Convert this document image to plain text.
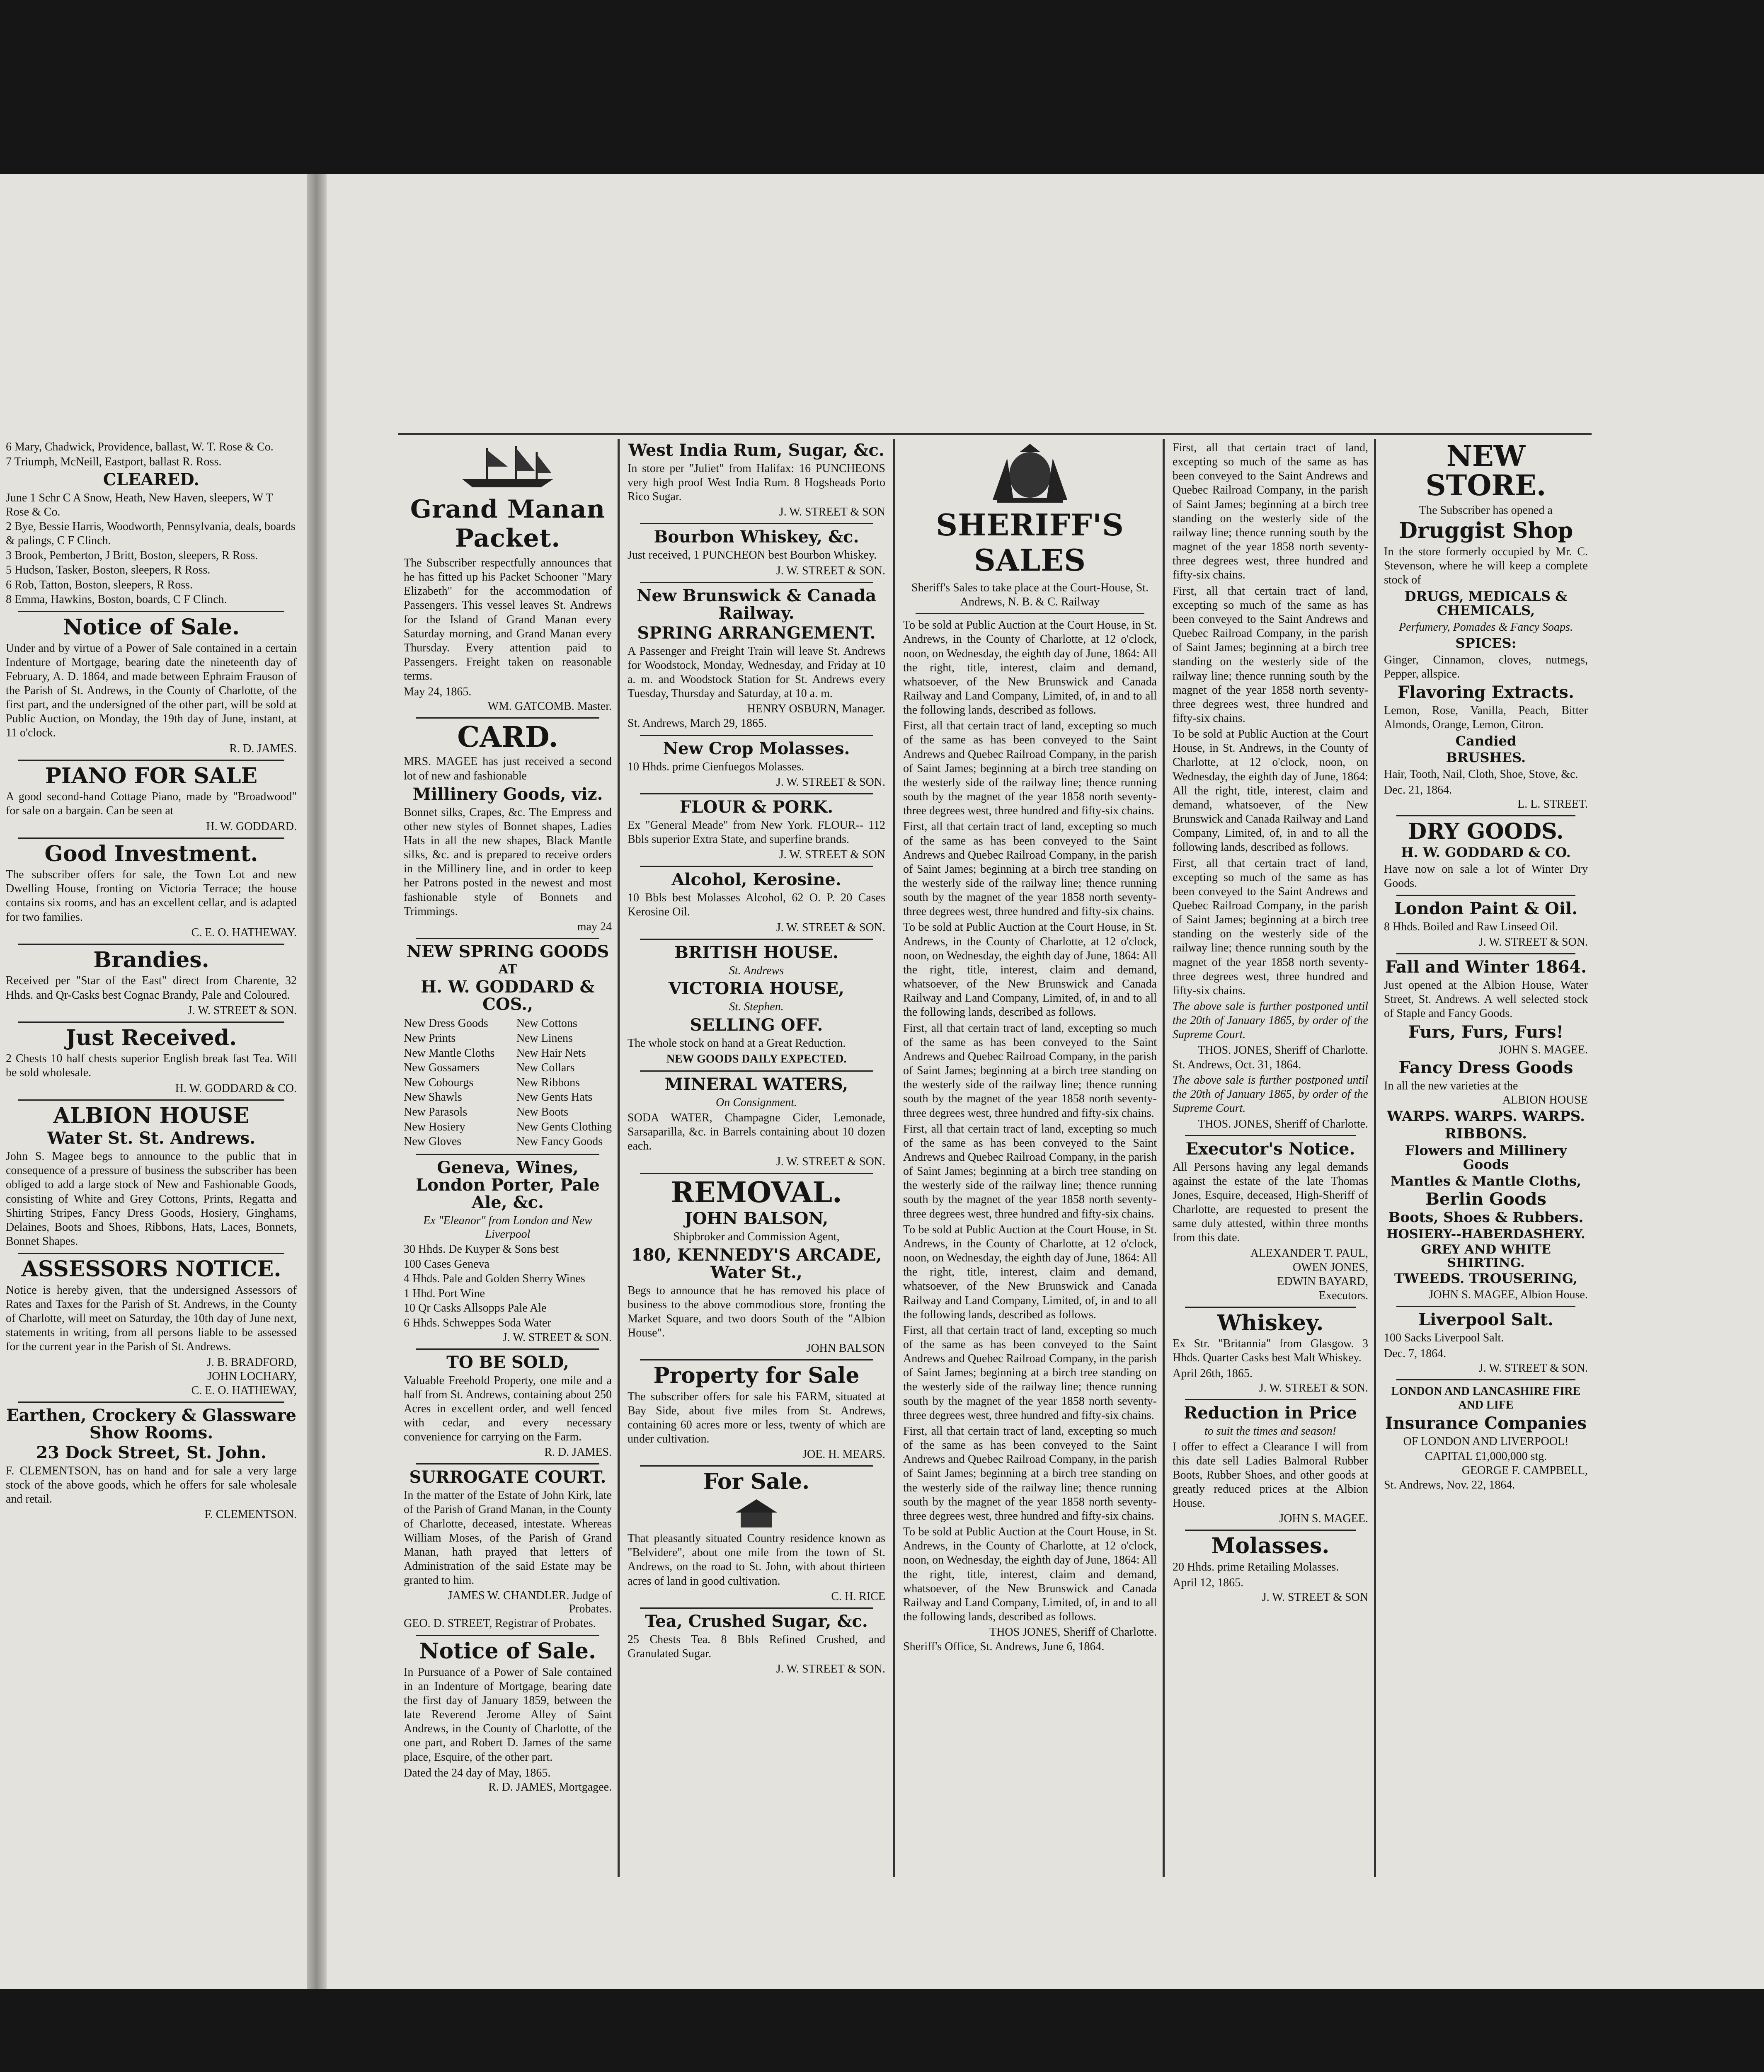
6 Mary, Chadwick, Providence, ballast, W. T. Rose & Co.

7 Triumph, McNeill, Eastport, ballast R. Ross.

CLEARED.

June 1 Schr C A Snow, Heath, New Haven, sleepers, W T Rose & Co.

2 Bye, Bessie Harris, Woodworth, Pennsylvania, deals, boards & palings, C F Clinch.

3 Brook, Pemberton, J Britt, Boston, sleepers, R Ross.

5 Hudson, Tasker, Boston, sleepers, R Ross.

6 Rob, Tatton, Boston, sleepers, R Ross.

8 Emma, Hawkins, Boston, boards, C F Clinch.

Notice of Sale.

Under and by virtue of a Power of Sale contained in a certain Indenture of Mortgage, bearing date the nineteenth day of February, A. D. 1864, and made between Ephraim Frauson of the Parish of St. Andrews, in the County of Charlotte, of the first part, and the undersigned of the other part, will be sold at Public Auction, on Monday, the 19th day of June, instant, at 11 o'clock.

R. D. JAMES.

PIANO FOR SALE

A good second-hand Cottage Piano, made by "Broadwood" for sale on a bargain. Can be seen at

H. W. GODDARD.

Good Investment.

The subscriber offers for sale, the Town Lot and new Dwelling House, fronting on Victoria Terrace; the house contains six rooms, and has an excellent cellar, and is adapted for two families.

C. E. O. HATHEWAY.

Brandies.

Received per "Star of the East" direct from Charente, 32 Hhds. and Qr-Casks best Cognac Brandy, Pale and Coloured.

J. W. STREET & SON.

Just Received.

2 Chests 10 half chests superior English break fast Tea. Will be sold wholesale.

H. W. GODDARD & CO.

ALBION HOUSE
Water St. St. Andrews.

John S. Magee begs to announce to the public that in consequence of a pressure of business the subscriber has been obliged to add a large stock of New and Fashionable Goods, consisting of White and Grey Cottons, Prints, Regatta and Shirting Stripes, Fancy Dress Goods, Hosiery, Ginghams, Delaines, Boots and Shoes, Ribbons, Hats, Laces, Bonnets, Bonnet Shapes.

ASSESSORS NOTICE.

Notice is hereby given, that the undersigned Assessors of Rates and Taxes for the Parish of St. Andrews, in the County of Charlotte, will meet on Saturday, the 10th day of June next, statements in writing, from all persons liable to be assessed for the current year in the Parish of St. Andrews.

J. B. BRADFORD,

JOHN LOCHARY,

C. E. O. HATHEWAY,

Earthen, Crockery & Glassware Show Rooms.
23 Dock Street, St. John.

F. CLEMENTSON, has on hand and for sale a very large stock of the above goods, which he offers for sale wholesale and retail.

F. CLEMENTSON.

Grand Manan Packet.

The Subscriber respectfully announces that he has fitted up his Packet Schooner "Mary Elizabeth" for the accommodation of Passengers. This vessel leaves St. Andrews for the Island of Grand Manan every Saturday morning, and Grand Manan every Thursday. Every attention paid to Passengers. Freight taken on reasonable terms.

May 24, 1865.

WM. GATCOMB. Master.

CARD.

MRS. MAGEE has just received a second lot of new and fashionable

Millinery Goods, viz.

Bonnet silks, Crapes, &c. The Empress and other new styles of Bonnet shapes, Ladies Hats in all the new shapes, Black Mantle silks, &c. and is prepared to receive orders in the Millinery line, and in order to keep her Patrons posted in the newest and most fashionable style of Bonnets and Trimmings.

may 24

NEW SPRING GOODS
AT
H. W. GODDARD & COS.,

New Dress Goods

New Prints

New Mantle Cloths

New Gossamers

New Cobourgs

New Shawls

New Parasols

New Hosiery

New Gloves

New Cottons

New Linens

New Hair Nets

New Collars

New Ribbons

New Gents Hats

New Boots

New Gents Clothing

New Fancy Goods

Geneva, Wines, London Porter, Pale Ale, &c.

Ex "Eleanor" from London and New Liverpool

30 Hhds. De Kuyper & Sons best

100 Cases Geneva

4 Hhds. Pale and Golden Sherry Wines

1 Hhd. Port Wine

10 Qr Casks Allsopps Pale Ale

6 Hhds. Schweppes Soda Water

J. W. STREET & SON.

TO BE SOLD,

Valuable Freehold Property, one mile and a half from St. Andrews, containing about 250 Acres in excellent order, and well fenced with cedar, and every necessary convenience for carrying on the Farm.

R. D. JAMES.

SURROGATE COURT.

In the matter of the Estate of John Kirk, late of the Parish of Grand Manan, in the County of Charlotte, deceased, intestate. Whereas William Moses, of the Parish of Grand Manan, hath prayed that letters of Administration of the said Estate may be granted to him.

JAMES W. CHANDLER. Judge of Probates.

GEO. D. STREET, Registrar of Probates.

Notice of Sale.

In Pursuance of a Power of Sale contained in an Indenture of Mortgage, bearing date the first day of January 1859, between the late Reverend Jerome Alley of Saint Andrews, in the County of Charlotte, of the one part, and Robert D. James of the same place, Esquire, of the other part.

Dated the 24 day of May, 1865.

R. D. JAMES, Mortgagee.

West India Rum, Sugar, &c.

In store per "Juliet" from Halifax: 16 PUNCHEONS very high proof West India Rum. 8 Hogsheads Porto Rico Sugar.

J. W. STREET & SON

Bourbon Whiskey, &c.

Just received, 1 PUNCHEON best Bourbon Whiskey.

J. W. STREET & SON.

New Brunswick & Canada Railway.
SPRING ARRANGEMENT.

A Passenger and Freight Train will leave St. Andrews for Woodstock, Monday, Wednesday, and Friday at 10 a. m. and Woodstock Station for St. Andrews every Tuesday, Thursday and Saturday, at 10 a. m.

HENRY OSBURN, Manager.

St. Andrews, March 29, 1865.

New Crop Molasses.

10 Hhds. prime Cienfuegos Molasses.

J. W. STREET & SON.

FLOUR & PORK.

Ex "General Meade" from New York. FLOUR-- 112 Bbls superior Extra State, and superfine brands.

J. W. STREET & SON

Alcohol, Kerosine.

10 Bbls best Molasses Alcohol, 62 O. P. 20 Cases Kerosine Oil.

J. W. STREET & SON.

BRITISH HOUSE.

St. Andrews

VICTORIA HOUSE,

St. Stephen.

SELLING OFF.

The whole stock on hand at a Great Reduction.

NEW GOODS DAILY EXPECTED.

MINERAL WATERS,

On Consignment.

SODA WATER, Champagne Cider, Lemonade, Sarsaparilla, &c. in Barrels containing about 10 dozen each.

J. W. STREET & SON.

REMOVAL.
JOHN BALSON,

Shipbroker and Commission Agent,

180, KENNEDY'S ARCADE, Water St.,

Begs to announce that he has removed his place of business to the above commodious store, fronting the Market Square, and two doors South of the "Albion House".

JOHN BALSON

Property for Sale

The subscriber offers for sale his FARM, situated at Bay Side, about five miles from St. Andrews, containing 60 acres more or less, twenty of which are under cultivation.

JOE. H. MEARS.

For Sale.

That pleasantly situated Country residence known as "Belvidere", about one mile from the town of St. Andrews, on the road to St. John, with about thirteen acres of land in good cultivation.

C. H. RICE

Tea, Crushed Sugar, &c.

25 Chests Tea. 8 Bbls Refined Crushed, and Granulated Sugar.

J. W. STREET & SON.

SHERIFF'S SALES

Sheriff's Sales to take place at the Court-House, St. Andrews, N. B. & C. Railway

To be sold at Public Auction at the Court House, in St. Andrews, in the County of Charlotte, at 12 o'clock, noon, on Wednesday, the eighth day of June, 1864: All the right, title, interest, claim and demand, whatsoever, of the New Brunswick and Canada Railway and Land Company, Limited, of, in and to all the following lands, described as follows.

First, all that certain tract of land, excepting so much of the same as has been conveyed to the Saint Andrews and Quebec Railroad Company, in the parish of Saint James; beginning at a birch tree standing on the westerly side of the railway line; thence running south by the magnet of the year 1858 north seventy-three degrees west, three hundred and fifty-six chains.

First, all that certain tract of land, excepting so much of the same as has been conveyed to the Saint Andrews and Quebec Railroad Company, in the parish of Saint James; beginning at a birch tree standing on the westerly side of the railway line; thence running south by the magnet of the year 1858 north seventy-three degrees west, three hundred and fifty-six chains.

To be sold at Public Auction at the Court House, in St. Andrews, in the County of Charlotte, at 12 o'clock, noon, on Wednesday, the eighth day of June, 1864: All the right, title, interest, claim and demand, whatsoever, of the New Brunswick and Canada Railway and Land Company, Limited, of, in and to all the following lands, described as follows.

First, all that certain tract of land, excepting so much of the same as has been conveyed to the Saint Andrews and Quebec Railroad Company, in the parish of Saint James; beginning at a birch tree standing on the westerly side of the railway line; thence running south by the magnet of the year 1858 north seventy-three degrees west, three hundred and fifty-six chains.

First, all that certain tract of land, excepting so much of the same as has been conveyed to the Saint Andrews and Quebec Railroad Company, in the parish of Saint James; beginning at a birch tree standing on the westerly side of the railway line; thence running south by the magnet of the year 1858 north seventy-three degrees west, three hundred and fifty-six chains.

To be sold at Public Auction at the Court House, in St. Andrews, in the County of Charlotte, at 12 o'clock, noon, on Wednesday, the eighth day of June, 1864: All the right, title, interest, claim and demand, whatsoever, of the New Brunswick and Canada Railway and Land Company, Limited, of, in and to all the following lands, described as follows.

First, all that certain tract of land, excepting so much of the same as has been conveyed to the Saint Andrews and Quebec Railroad Company, in the parish of Saint James; beginning at a birch tree standing on the westerly side of the railway line; thence running south by the magnet of the year 1858 north seventy-three degrees west, three hundred and fifty-six chains.

First, all that certain tract of land, excepting so much of the same as has been conveyed to the Saint Andrews and Quebec Railroad Company, in the parish of Saint James; beginning at a birch tree standing on the westerly side of the railway line; thence running south by the magnet of the year 1858 north seventy-three degrees west, three hundred and fifty-six chains.

To be sold at Public Auction at the Court House, in St. Andrews, in the County of Charlotte, at 12 o'clock, noon, on Wednesday, the eighth day of June, 1864: All the right, title, interest, claim and demand, whatsoever, of the New Brunswick and Canada Railway and Land Company, Limited, of, in and to all the following lands, described as follows.

THOS JONES, Sheriff of Charlotte.

Sheriff's Office, St. Andrews, June 6, 1864.

First, all that certain tract of land, excepting so much of the same as has been conveyed to the Saint Andrews and Quebec Railroad Company, in the parish of Saint James; beginning at a birch tree standing on the westerly side of the railway line; thence running south by the magnet of the year 1858 north seventy-three degrees west, three hundred and fifty-six chains.

First, all that certain tract of land, excepting so much of the same as has been conveyed to the Saint Andrews and Quebec Railroad Company, in the parish of Saint James; beginning at a birch tree standing on the westerly side of the railway line; thence running south by the magnet of the year 1858 north seventy-three degrees west, three hundred and fifty-six chains.

To be sold at Public Auction at the Court House, in St. Andrews, in the County of Charlotte, at 12 o'clock, noon, on Wednesday, the eighth day of June, 1864: All the right, title, interest, claim and demand, whatsoever, of the New Brunswick and Canada Railway and Land Company, Limited, of, in and to all the following lands, described as follows.

First, all that certain tract of land, excepting so much of the same as has been conveyed to the Saint Andrews and Quebec Railroad Company, in the parish of Saint James; beginning at a birch tree standing on the westerly side of the railway line; thence running south by the magnet of the year 1858 north seventy-three degrees west, three hundred and fifty-six chains.

The above sale is further postponed until the 20th of January 1865, by order of the Supreme Court.

THOS. JONES, Sheriff of Charlotte.

St. Andrews, Oct. 31, 1864.

The above sale is further postponed until the 20th of January 1865, by order of the Supreme Court.

THOS. JONES, Sheriff of Charlotte.

Executor's Notice.

All Persons having any legal demands against the estate of the late Thomas Jones, Esquire, deceased, High-Sheriff of Charlotte, are requested to present the same duly attested, within three months from this date.

ALEXANDER T. PAUL,

OWEN JONES,

EDWIN BAYARD,

Executors.

Whiskey.

Ex Str. "Britannia" from Glasgow. 3 Hhds. Quarter Casks best Malt Whiskey.

April 26th, 1865.

J. W. STREET & SON.

Reduction in Price

to suit the times and season!

I offer to effect a Clearance I will from this date sell Ladies Balmoral Rubber Boots, Rubber Shoes, and other goods at greatly reduced prices at the Albion House.

JOHN S. MAGEE.

Molasses.

20 Hhds. prime Retailing Molasses.

April 12, 1865.

J. W. STREET & SON

NEW STORE.

The Subscriber has opened a

Druggist Shop

In the store formerly occupied by Mr. C. Stevenson, where he will keep a complete stock of

DRUGS, MEDICALS & CHEMICALS,

Perfumery, Pomades & Fancy Soaps.

SPICES:

Ginger, Cinnamon, cloves, nutmegs, Pepper, allspice.

Flavoring Extracts.

Lemon, Rose, Vanilla, Peach, Bitter Almonds, Orange, Lemon, Citron.

Candied
BRUSHES.

Hair, Tooth, Nail, Cloth, Shoe, Stove, &c.

Dec. 21, 1864.

L. L. STREET.

DRY GOODS.
H. W. GODDARD & CO.

Have now on sale a lot of Winter Dry Goods.

London Paint & Oil.

8 Hhds. Boiled and Raw Linseed Oil.

J. W. STREET & SON.

Fall and Winter 1864.

Just opened at the Albion House, Water Street, St. Andrews. A well selected stock of Staple and Fancy Goods.

Furs, Furs, Furs!

JOHN S. MAGEE.

Fancy Dress Goods

In all the new varieties at the

ALBION HOUSE

WARPS. WARPS. WARPS.
RIBBONS.
Flowers and Millinery Goods
Mantles & Mantle Cloths,
Berlin Goods
Boots, Shoes & Rubbers.
HOSIERY--HABERDASHERY.
GREY AND WHITE SHIRTING.
TWEEDS. TROUSERING,

JOHN S. MAGEE, Albion House.

Liverpool Salt.

100 Sacks Liverpool Salt.

Dec. 7, 1864.

J. W. STREET & SON.

LONDON AND LANCASHIRE FIRE AND LIFE

Insurance Companies

OF LONDON AND LIVERPOOL!

CAPITAL £1,000,000 stg.

GEORGE F. CAMPBELL,

St. Andrews, Nov. 22, 1864.
